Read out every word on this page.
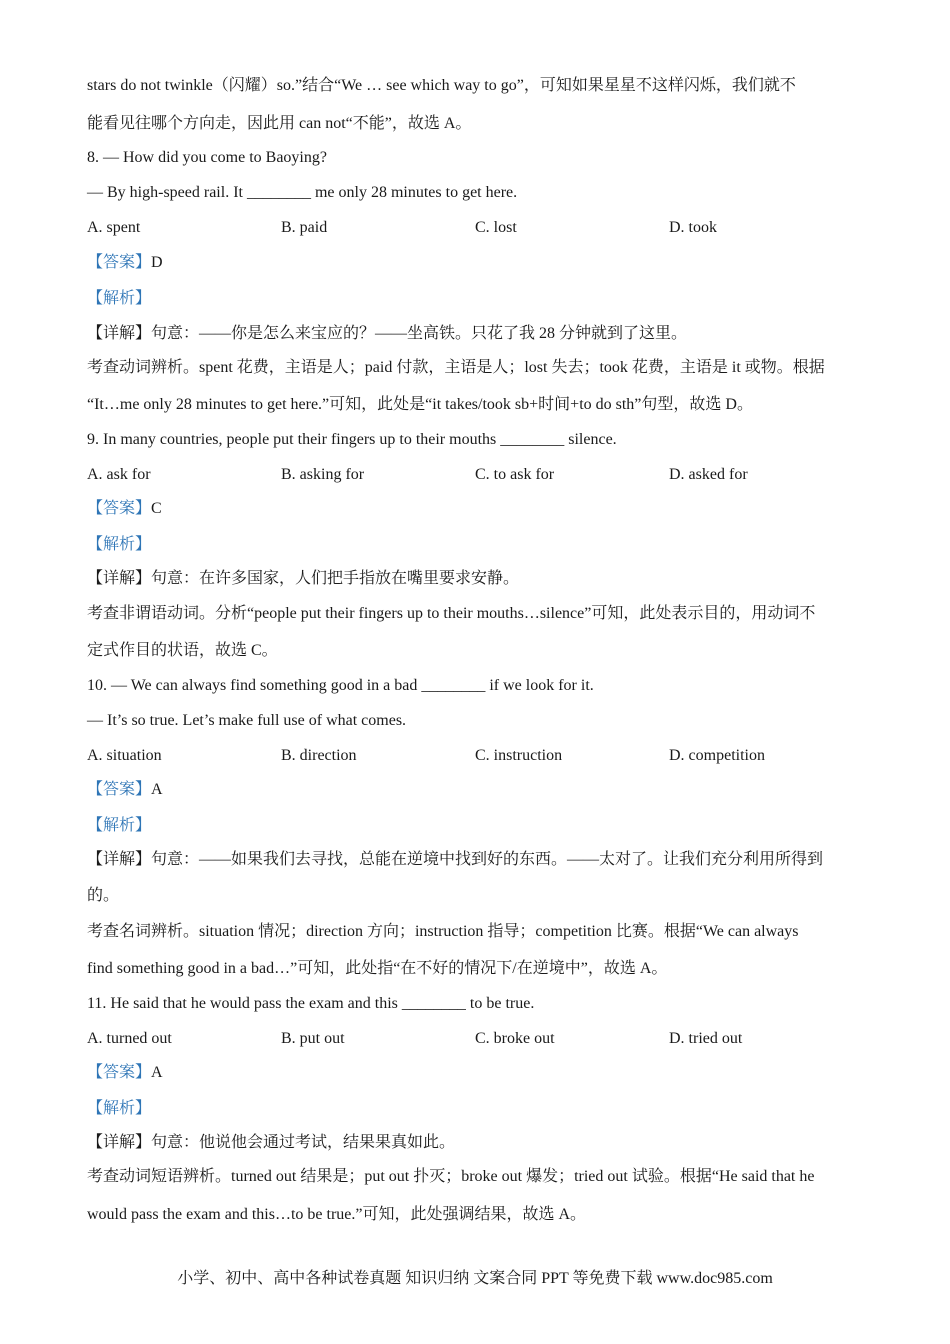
stars do not twinkle（闪耀）so.”结合“We … see which way to go”，可知如果星星不这样闪烁，我们就不
能看见往哪个方向走，因此用 can not“不能”，故选 A。
8. — How did you come to Baoying?
— By high-speed rail. It ________ me only 28 minutes to get here.
A. spent	B. paid	C. lost	D. took
【答案】D
【解析】
【详解】句意：——你是怎么来宝应的？——坐高铁。只花了我 28 分钟就到了这里。
考查动词辨析。spent 花费，主语是人；paid 付款，主语是人；lost 失去；took 花费，主语是 it 或物。根据
“It…me only 28 minutes to get here.”可知，此处是“it takes/took sb+时间+to do sth”句型，故选 D。
9. In many countries, people put their fingers up to their mouths ________ silence.
A. ask for	B. asking for	C. to ask for	D. asked for
【答案】C
【解析】
【详解】句意：在许多国家，人们把手指放在嘴里要求安静。
考查非谓语动词。分析“people put their fingers up to their mouths…silence”可知，此处表示目的，用动词不
定式作目的状语，故选 C。
10. — We can always find something good in a bad ________ if we look for it.
— It’s so true. Let’s make full use of what comes.
A. situation	B. direction	C. instruction	D. competition
【答案】A
【解析】
【详解】句意：——如果我们去寻找，总能在逆境中找到好的东西。——太对了。让我们充分利用所得到
的。
考查名词辨析。situation 情况；direction 方向；instruction 指导；competition 比赛。根据“We can always
find something good in a bad…”可知，此处指“在不好的情况下/在逆境中”，故选 A。
11. He said that he would pass the exam and this ________ to be true.
A. turned out	B. put out	C. broke out	D. tried out
【答案】A
【解析】
【详解】句意：他说他会通过考试，结果果真如此。
考查动词短语辨析。turned out 结果是；put out 扑灭；broke out 爆发；tried out 试验。根据“He said that he
would pass the exam and this…to be true.”可知，此处强调结果，故选 A。
小学、初中、高中各种试卷真题 知识归纳 文案合同 PPT 等免费下载 www.doc985.com
